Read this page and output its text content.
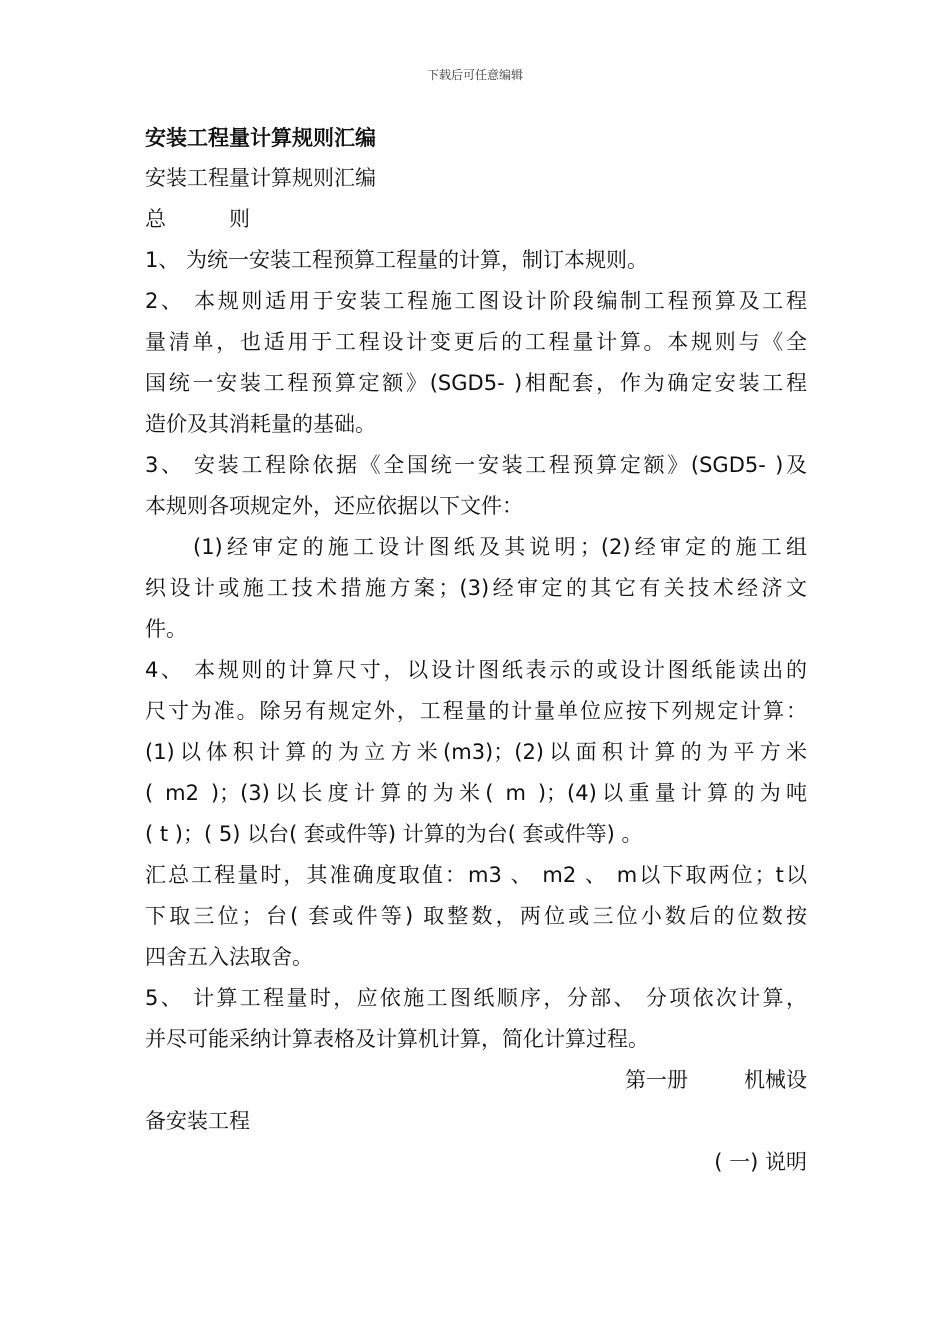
下载后可任意编辑

安装工程量计算规则汇编

安装工程量计算规则汇编

总　　　则

1、 为统一安装工程预算工程量的计算，制订本规则。

2、 本规则适用于安装工程施工图设计阶段编制工程预算及工程

量清单，也适用于工程设计变更后的工程量计算。本规则与《全

国统一安装工程预算定额》(SGD5- )相配套，作为确定安装工程

造价及其消耗量的基础。

3、 安装工程除依据《全国统一安装工程预算定额》(SGD5- )及

本规则各项规定外，还应依据以下文件：

(1)经审定的施工设计图纸及其说明；(2)经审定的施工组

织设计或施工技术措施方案；(3)经审定的其它有关技术经济文

件。

4、 本规则的计算尺寸，以设计图纸表示的或设计图纸能读出的

尺寸为准。除另有规定外，工程量的计量单位应按下列规定计算：

(1)以体积计算的为立方米(m3)；(2)以面积计算的为平方米

( m2 )；(3)以长度计算的为米( m )；(4)以重量计算的为吨

( t )；( 5) 以台( 套或件等) 计算的为台( 套或件等) 。

汇总工程量时，其准确度取值：m3 、 m2 、 m以下取两位；t以

下取三位；台( 套或件等) 取整数，两位或三位小数后的位数按

四舍五入法取舍。

5、 计算工程量时，应依施工图纸顺序，分部、 分项依次计算，

并尽可能采纳计算表格及计算机计算，简化计算过程。

第一册	机械设

备安装工程

( 一) 说明
